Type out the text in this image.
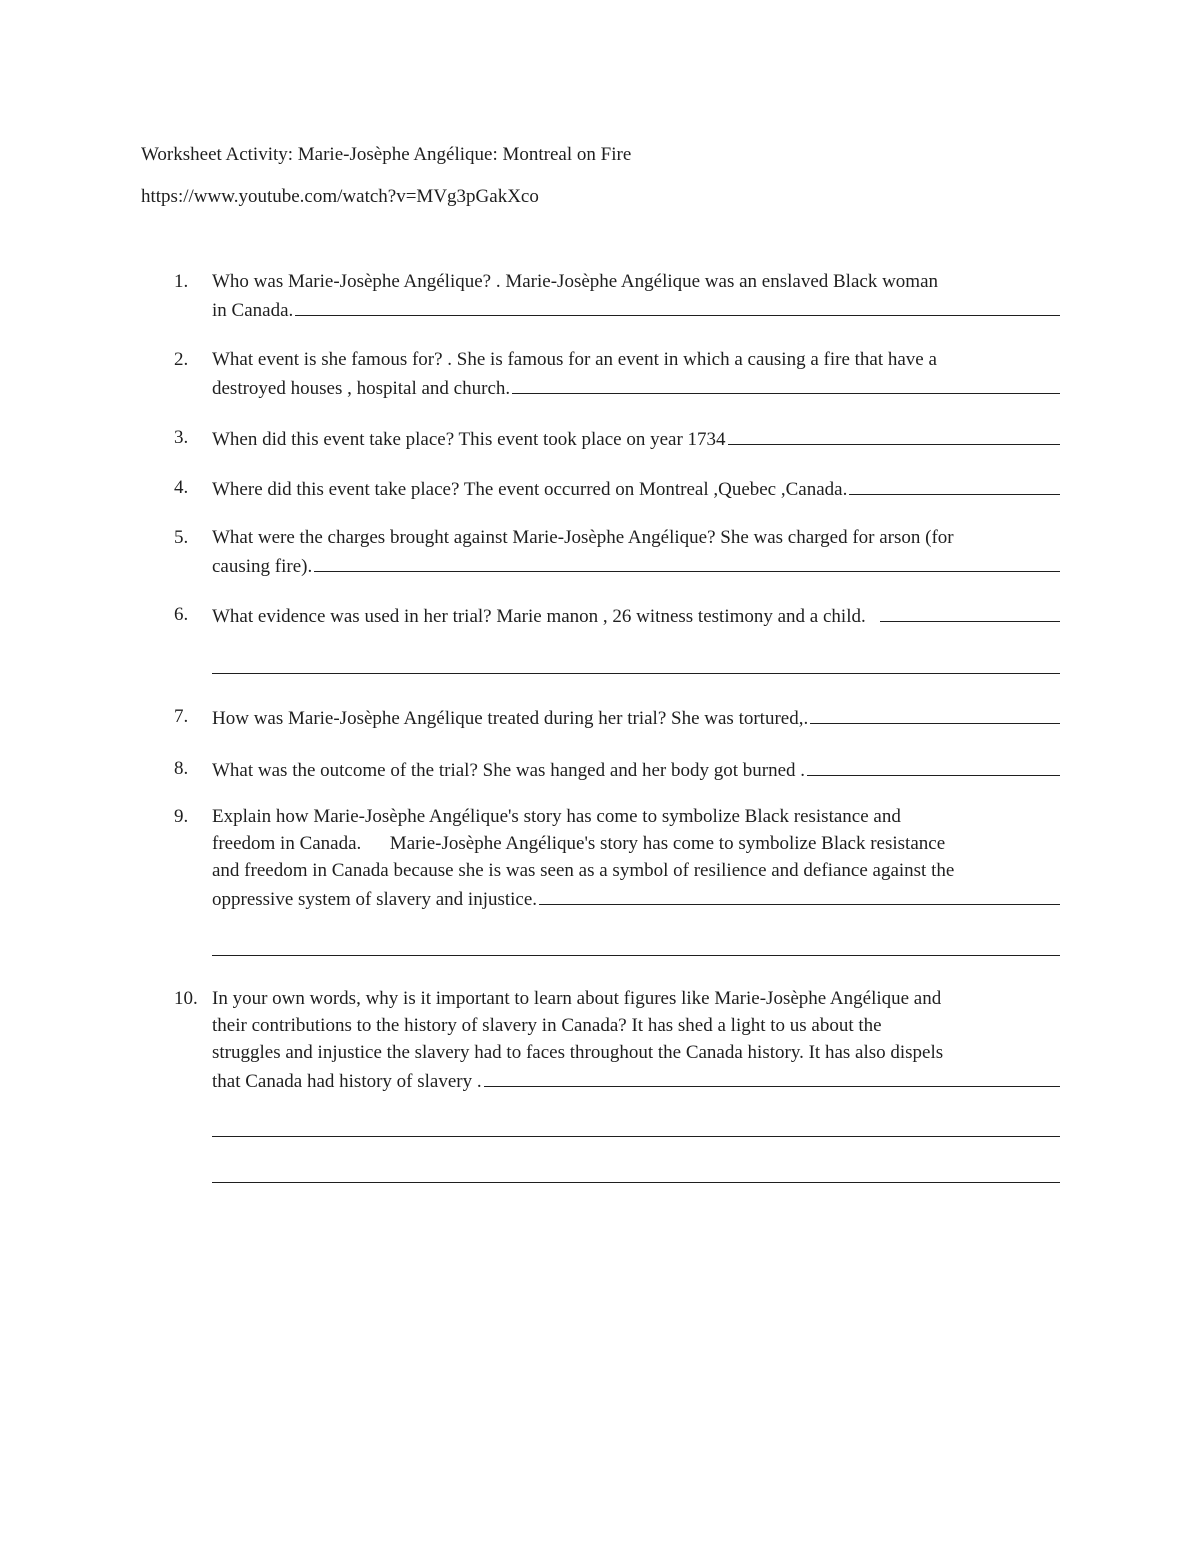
Worksheet Activity: Marie-Josèphe Angélique: Montreal on Fire
https://www.youtube.com/watch?v=MVg3pGakXco
1.	Who was Marie-Josèphe Angélique? . Marie-Josèphe Angélique was an enslaved Black woman
in Canada.
2.	What event is she famous for? . She is famous for an event in which a causing a fire that have a
destroyed houses , hospital and church.
3.	When did this event take place? This event took place on year 1734
4.	Where did this event take place? The event occurred on Montreal ,Quebec ,Canada.
5.	What were the charges brought against Marie-Josèphe Angélique? She was charged for arson (for
causing fire).
6.	What evidence was used in her trial? Marie manon , 26 witness testimony and a child.
7.	How was Marie-Josèphe Angélique treated during her trial? She was tortured,.
8.	What was the outcome of the trial? She was hanged and her body got burned .
9.	Explain how Marie-Josèphe Angélique's story has come to symbolize Black resistance and
freedom in Canada.      Marie-Josèphe Angélique's story has come to symbolize Black resistance
and freedom in Canada because she is was seen as a symbol of resilience and defiance against the
oppressive system of slavery and injustice.
10. In your own words, why is it important to learn about figures like Marie-Josèphe Angélique and
their contributions to the history of slavery in Canada? It has shed a light to us about the
struggles and injustice the slavery had to faces throughout the Canada history. It has also dispels
that Canada had history of slavery .
